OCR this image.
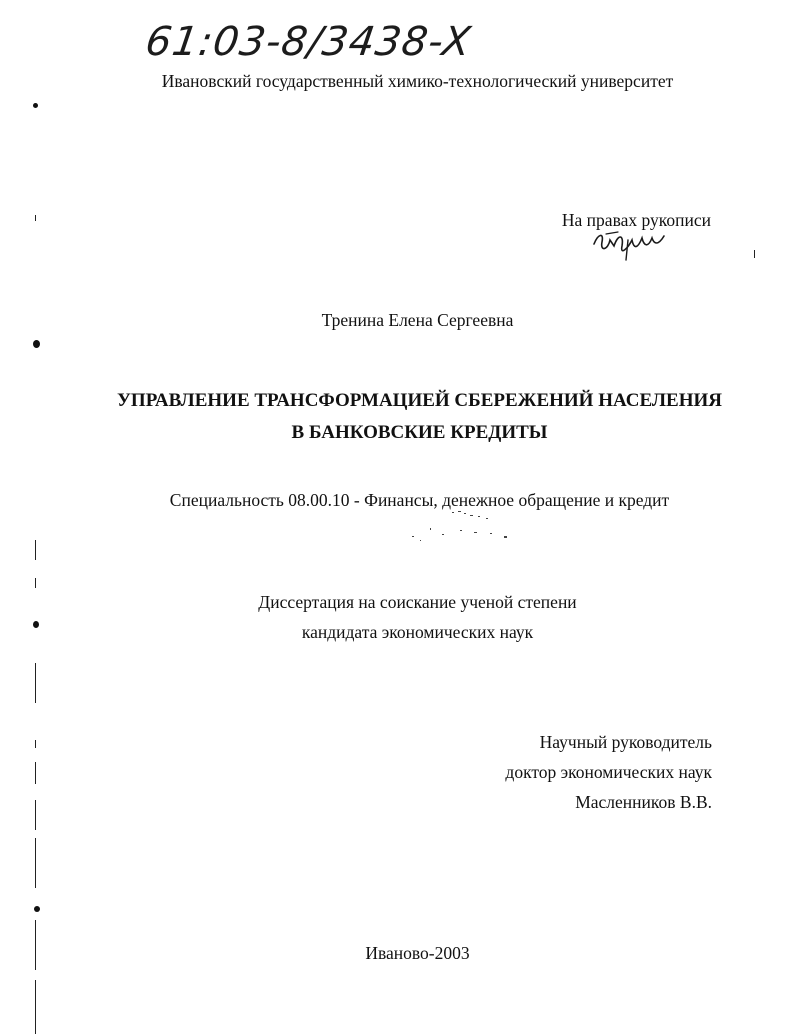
61:03-8/3438-X
Ивановский государственный химико-технологический университет
На правах рукописи
Тренина Елена Сергеевна
УПРАВЛЕНИЕ ТРАНСФОРМАЦИЕЙ СБЕРЕЖЕНИЙ НАСЕЛЕНИЯ
В БАНКОВСКИЕ КРЕДИТЫ
Специальность 08.00.10 - Финансы, денежное обращение и кредит
Диссертация на соискание ученой степени
кандидата экономических наук
Научный руководитель
доктор экономических наук
Масленников В.В.
Иваново-2003
